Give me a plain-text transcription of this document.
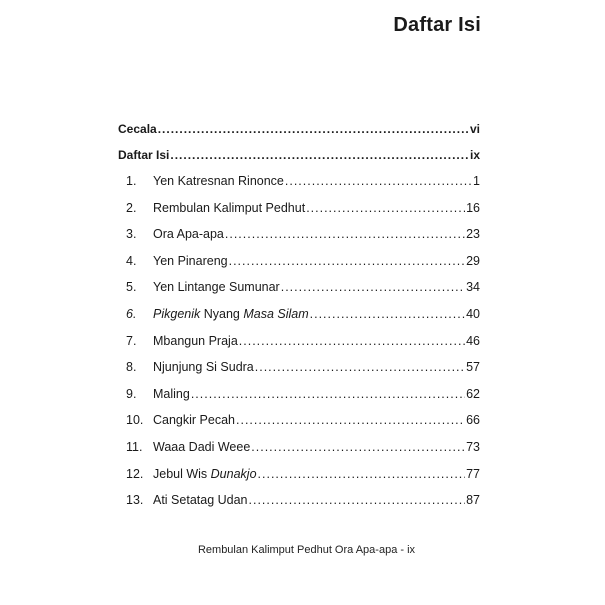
Daftar Isi
Cecala .....	vi
Daftar Isi .....	ix
1.	Yen Katresnan Rinonce .....	1
2.	Rembulan Kalimput Pedhut .....	16
3.	Ora Apa-apa .....	23
4.	Yen Pinareng .....	29
5.	Yen Lintange Sumunar .....	34
6.	Pikgenik Nyang Masa Silam .....	40
7.	Mbangun Praja .....	46
8.	Njunjung Si Sudra .....	57
9.	Maling .....	62
10. Cangkir Pecah .....	66
11. Waaa Dadi Weee .....	73
12. Jebul Wis Dunakjo .....	77
13. Ati Setatag Udan .....	87
Rembulan Kalimput Pedhut Ora Apa-apa - ix
